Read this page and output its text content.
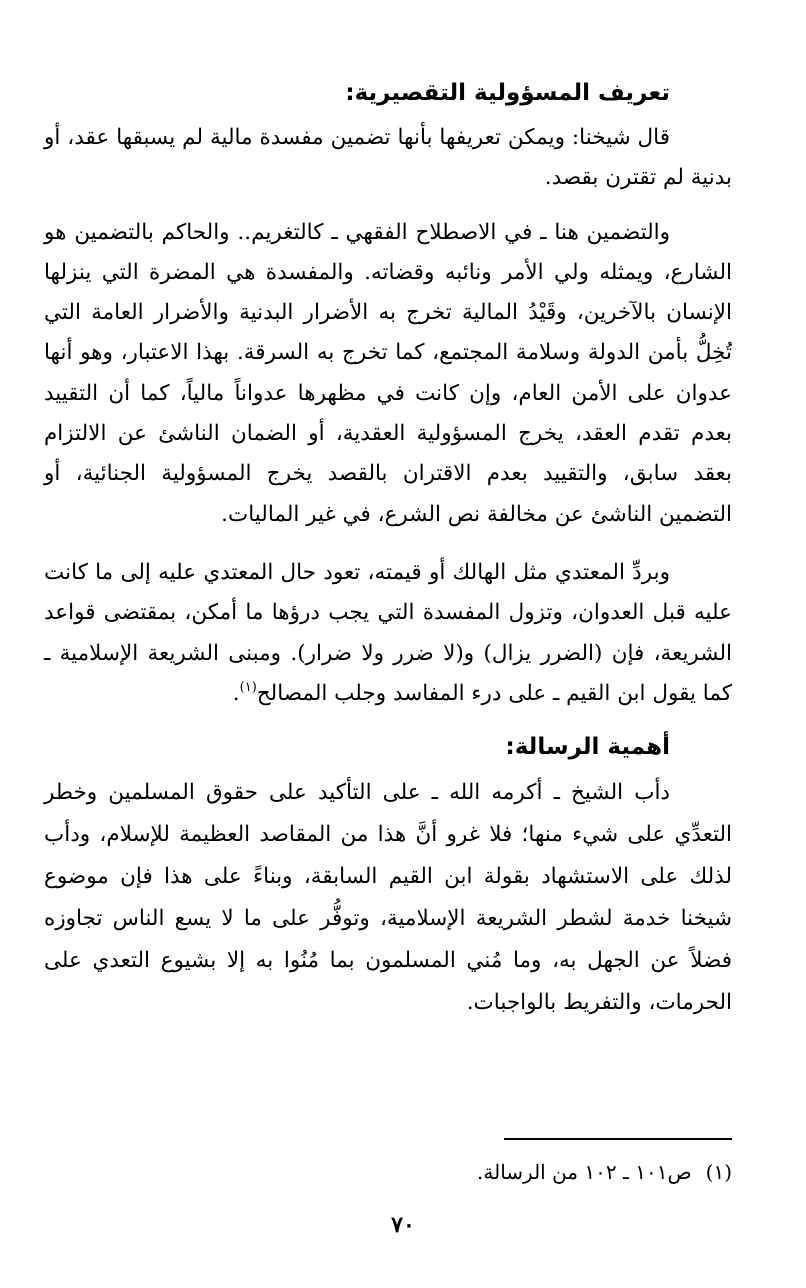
تعريف المسؤولية التقصيرية:

قال شيخنا: ويمكن تعريفها بأنها تضمين مفسدة مالية لم يسبقها عقد، أو بدنية لم تقترن بقصد.

والتضمين هنا ـ في الاصطلاح الفقهي ـ كالتغريم.. والحاكم بالتضمين هو الشارع، ويمثله ولي الأمر ونائبه وقضاته. والمفسدة هي المضرة التي ينزلها الإنسان بالآخرين، وقَيْدُ المالية تخرج به الأضرار البدنية والأضرار العامة التي تُخِلُّ بأمن الدولة وسلامة المجتمع، كما تخرج به السرقة. بهذا الاعتبار، وهو أنها عدوان على الأمن العام، وإن كانت في مظهرها عدواناً مالياً، كما أن التقييد بعدم تقدم العقد، يخرج المسؤولية العقدية، أو الضمان الناشئ عن الالتزام بعقد سابق، والتقييد بعدم الاقتران بالقصد يخرج المسؤولية الجنائية، أو التضمين الناشئ عن مخالفة نص الشرع، في غير الماليات.

وبردِّ المعتدي مثل الهالك أو قيمته، تعود حال المعتدي عليه إلى ما كانت عليه قبل العدوان، وتزول المفسدة التي يجب درؤها ما أمكن، بمقتضى قواعد الشريعة، فإن (الضرر يزال) و(لا ضرر ولا ضرار). ومبنى الشريعة الإسلامية ـ كما يقول ابن القيم ـ على درء المفاسد وجلب المصالح$^{(١)}$.

أهمية الرسالة:

دأب الشيخ ـ أكرمه الله ـ على التأكيد على حقوق المسلمين وخطر التعدِّي على شيء منها؛ فلا غرو أنَّ هذا من المقاصد العظيمة للإسلام، ودأب لذلك على الاستشهاد بقولة ابن القيم السابقة، وبناءً على هذا فإن موضوع شيخنا خدمة لشطر الشريعة الإسلامية، وتوفُّر على ما لا يسع الناس تجاوزه فضلاً عن الجهل به، وما مُني المسلمون بما مُنُوا به إلا بشيوع التعدي على الحرمات، والتفريط بالواجبات.

(١)ص١٠١ ـ ١٠٢ من الرسالة.
٧٠
